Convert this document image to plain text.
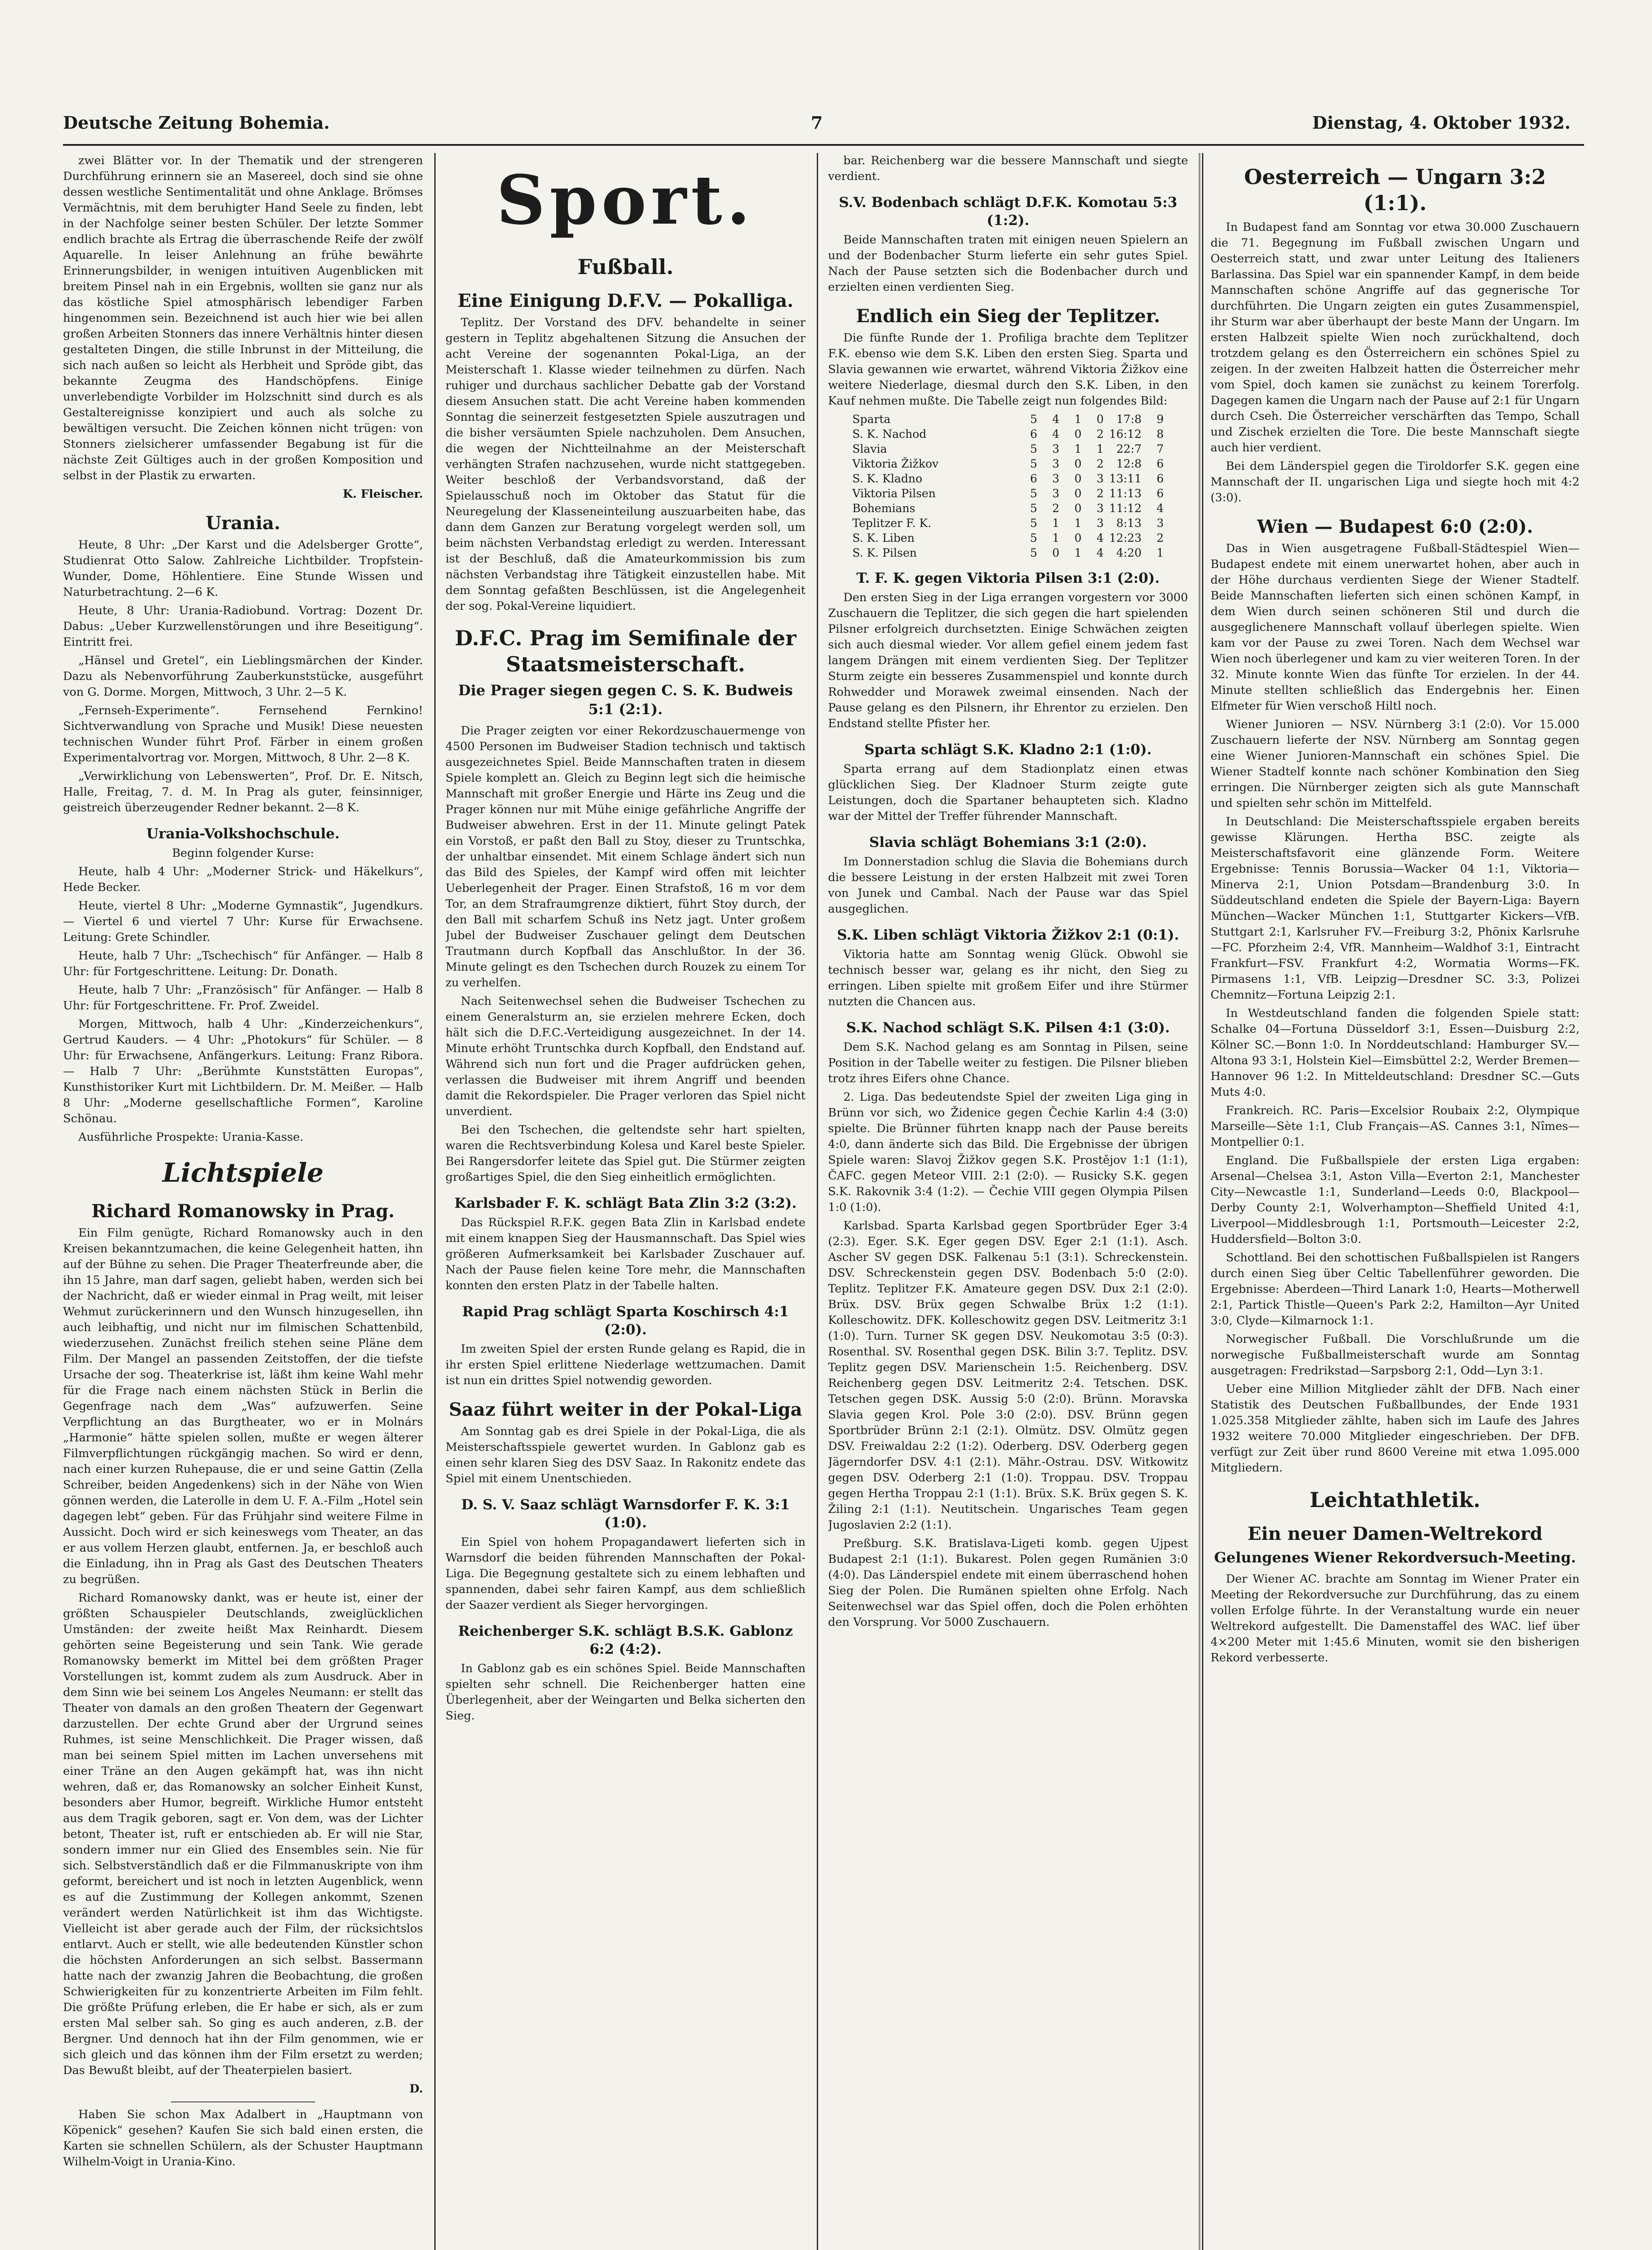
Deutsche Zeitung Bohemia.	7	Dienstag, 4. Oktober 1932.

zwei Blätter vor. In der Thematik und der strengeren Durchführung erinnern sie an Masereel, doch sind sie ohne dessen westliche Sentimentalität und ohne Anklage. Brömses Vermächtnis, mit dem beruhigter Hand Seele zu finden, lebt in der Nachfolge seiner besten Schüler. Der letzte Sommer endlich brachte als Ertrag die überraschende Reife der zwölf Aquarelle. In leiser Anlehnung an frühe bewährte Erinnerungsbilder, in wenigen intuitiven Augenblicken mit breitem Pinsel nah in ein Ergebnis, wollten sie ganz nur als das köstliche Spiel atmosphärisch lebendiger Farben hingenommen sein. Bezeichnend ist auch hier wie bei allen großen Arbeiten Stonners das innere Verhältnis hinter diesen gestalteten Dingen, die stille Inbrunst in der Mitteilung, die sich nach außen so leicht als Herbheit und Spröde gibt, das bekannte Zeugma des Handschöpfens. Einige unverlebendigte Vorbilder im Holzschnitt sind durch es als Gestaltereignisse konzipiert und auch als solche zu bewältigen versucht. Die Zeichen können nicht trügen: von Stonners zielsicherer umfassender Begabung ist für die nächste Zeit Gültiges auch in der großen Komposition und selbst in der Plastik zu erwarten.

K. Fleischer.
Urania.

Heute, 8 Uhr: „Der Karst und die Adelsberger Grotte“, Studienrat Otto Salow. Zahlreiche Lichtbilder. Tropfstein-Wunder, Dome, Höhlentiere. Eine Stunde Wissen und Naturbetrachtung. 2—6 K.

Heute, 8 Uhr: Urania-Radiobund. Vortrag: Dozent Dr. Dabus: „Ueber Kurzwellenstörungen und ihre Beseitigung“. Eintritt frei.

„Hänsel und Gretel“, ein Lieblingsmärchen der Kinder. Dazu als Nebenvorführung Zauberkunststücke, ausgeführt von G. Dorme. Morgen, Mittwoch, 3 Uhr. 2—5 K.

„Fernseh-Experimente“. Fernsehend Fernkino! Sichtverwandlung von Sprache und Musik! Diese neuesten technischen Wunder führt Prof. Färber in einem großen Experimentalvortrag vor. Morgen, Mittwoch, 8 Uhr. 2—8 K.

„Verwirklichung von Lebenswerten“, Prof. Dr. E. Nitsch, Halle, Freitag, 7. d. M. In Prag als guter, feinsinniger, geistreich überzeugender Redner bekannt. 2—8 K.

Urania-Volkshochschule.

Beginn folgender Kurse:

Heute, halb 4 Uhr: „Moderner Strick- und Häkelkurs“, Hede Becker.

Heute, viertel 8 Uhr: „Moderne Gymnastik“, Jugendkurs. — Viertel 6 und viertel 7 Uhr: Kurse für Erwachsene. Leitung: Grete Schindler.

Heute, halb 7 Uhr: „Tschechisch“ für Anfänger. — Halb 8 Uhr: für Fortgeschrittene. Leitung: Dr. Donath.

Heute, halb 7 Uhr: „Französisch“ für Anfänger. — Halb 8 Uhr: für Fortgeschrittene. Fr. Prof. Zweidel.

Morgen, Mittwoch, halb 4 Uhr: „Kinderzeichenkurs“, Gertrud Kauders. — 4 Uhr: „Photokurs“ für Schüler. — 8 Uhr: für Erwachsene, Anfängerkurs. Leitung: Franz Ribora. — Halb 7 Uhr: „Berühmte Kunststätten Europas“, Kunsthistoriker Kurt mit Lichtbildern. Dr. M. Meißer. — Halb 8 Uhr: „Moderne gesellschaftliche Formen“, Karoline Schönau.

Ausführliche Prospekte: Urania-Kasse.

Lichtspiele
Richard Romanowsky in Prag.

Ein Film genügte, Richard Romanowsky auch in den Kreisen bekanntzumachen, die keine Gelegenheit hatten, ihn auf der Bühne zu sehen. Die Prager Theaterfreunde aber, die ihn 15 Jahre, man darf sagen, geliebt haben, werden sich bei der Nachricht, daß er wieder einmal in Prag weilt, mit leiser Wehmut zurückerinnern und den Wunsch hinzugesellen, ihn auch leibhaftig, und nicht nur im filmischen Schattenbild, wiederzusehen. Zunächst freilich stehen seine Pläne dem Film. Der Mangel an passenden Zeitstoffen, der die tiefste Ursache der sog. Theaterkrise ist, läßt ihm keine Wahl mehr für die Frage nach einem nächsten Stück in Berlin die Gegenfrage nach dem „Was“ aufzuwerfen. Seine Verpflichtung an das Burgtheater, wo er in Molnárs „Harmonie“ hätte spielen sollen, mußte er wegen älterer Filmverpflichtungen rückgängig machen. So wird er denn, nach einer kurzen Ruhepause, die er und seine Gattin (Zella Schreiber, beiden Angedenkens) sich in der Nähe von Wien gönnen werden, die Laterolle in dem U. F. A.-Film „Hotel sein dagegen lebt“ geben. Für das Frühjahr sind weitere Filme in Aussicht. Doch wird er sich keineswegs vom Theater, an das er aus vollem Herzen glaubt, entfernen. Ja, er beschloß auch die Einladung, ihn in Prag als Gast des Deutschen Theaters zu begrüßen.

Richard Romanowsky dankt, was er heute ist, einer der größten Schauspieler Deutschlands, zweiglücklichen Umständen: der zweite heißt Max Reinhardt. Diesem gehörten seine Begeisterung und sein Tank. Wie gerade Romanowsky bemerkt im Mittel bei dem größten Prager Vorstellungen ist, kommt zudem als zum Ausdruck. Aber in dem Sinn wie bei seinem Los Angeles Neumann: er stellt das Theater von damals an den großen Theatern der Gegenwart darzustellen. Der echte Grund aber der Urgrund seines Ruhmes, ist seine Menschlichkeit. Die Prager wissen, daß man bei seinem Spiel mitten im Lachen unversehens mit einer Träne an den Augen gekämpft hat, was ihn nicht wehren, daß er, das Romanowsky an solcher Einheit Kunst, besonders aber Humor, begreift. Wirkliche Humor entsteht aus dem Tragik geboren, sagt er. Von dem, was der Lichter betont, Theater ist, ruft er entschieden ab. Er will nie Star, sondern immer nur ein Glied des Ensembles sein. Nie für sich. Selbstverständlich daß er die Filmmanuskripte von ihm geformt, bereichert und ist noch in letzten Augenblick, wenn es auf die Zustimmung der Kollegen ankommt, Szenen verändert werden Natürlichkeit ist ihm das Wichtigste. Vielleicht ist aber gerade auch der Film, der rücksichtslos entlarvt. Auch er stellt, wie alle bedeutenden Künstler schon die höchsten Anforderungen an sich selbst. Bassermann hatte nach der zwanzig Jahren die Beobachtung, die großen Schwierigkeiten für zu konzentrierte Arbeiten im Film fehlt. Die größte Prüfung erleben, die Er habe er sich, als er zum ersten Mal selber sah. So ging es auch anderen, z.B. der Bergner. Und dennoch hat ihn der Film genommen, wie er sich gleich und das können ihm der Film ersetzt zu werden; Das Bewußt bleibt, auf der Theaterpielen basiert.

D.

Haben Sie schon Max Adalbert in „Hauptmann von Köpenick“ gesehen? Kaufen Sie sich bald einen ersten, die Karten sie schnellen Schülern, als der Schuster Hauptmann Wilhelm-Voigt in Urania-Kino.

Sport.
Fußball.
Eine Einigung D.F.V. — Pokalliga.

Teplitz. Der Vorstand des DFV. behandelte in seiner gestern in Teplitz abgehaltenen Sitzung die Ansuchen der acht Vereine der sogenannten Pokal-Liga, an der Meisterschaft 1. Klasse wieder teilnehmen zu dürfen. Nach ruhiger und durchaus sachlicher Debatte gab der Vorstand diesem Ansuchen statt. Die acht Vereine haben kommenden Sonntag die seinerzeit festgesetzten Spiele auszutragen und die bisher versäumten Spiele nachzuholen. Dem Ansuchen, die wegen der Nichtteilnahme an der Meisterschaft verhängten Strafen nachzusehen, wurde nicht stattgegeben. Weiter beschloß der Verbandsvorstand, daß der Spielausschuß noch im Oktober das Statut für die Neuregelung der Klasseneinteilung auszuarbeiten habe, das dann dem Ganzen zur Beratung vorgelegt werden soll, um beim nächsten Verbandstag erledigt zu werden. Interessant ist der Beschluß, daß die Amateurkommission bis zum nächsten Verbandstag ihre Tätigkeit einzustellen habe. Mit dem Sonntag gefaßten Beschlüssen, ist die Angelegenheit der sog. Pokal-Vereine liquidiert.

D.F.C. Prag im Semifinale der Staatsmeisterschaft.
Die Prager siegen gegen C. S. K. Budweis 5:1 (2:1).

Die Prager zeigten vor einer Rekordzuschauermenge von 4500 Personen im Budweiser Stadion technisch und taktisch ausgezeichnetes Spiel. Beide Mannschaften traten in diesem Spiele komplett an. Gleich zu Beginn legt sich die heimische Mannschaft mit großer Energie und Härte ins Zeug und die Prager können nur mit Mühe einige gefährliche Angriffe der Budweiser abwehren. Erst in der 11. Minute gelingt Patek ein Vorstoß, er paßt den Ball zu Stoy, dieser zu Truntschka, der unhaltbar einsendet. Mit einem Schlage ändert sich nun das Bild des Spieles, der Kampf wird offen mit leichter Ueberlegenheit der Prager. Einen Strafstoß, 16 m vor dem Tor, an dem Strafraumgrenze diktiert, führt Stoy durch, der den Ball mit scharfem Schuß ins Netz jagt. Unter großem Jubel der Budweiser Zuschauer gelingt dem Deutschen Trautmann durch Kopfball das Anschlußtor. In der 36. Minute gelingt es den Tschechen durch Rouzek zu einem Tor zu verhelfen.

Nach Seitenwechsel sehen die Budweiser Tschechen zu einem Generalsturm an, sie erzielen mehrere Ecken, doch hält sich die D.F.C.-Verteidigung ausgezeichnet. In der 14. Minute erhöht Truntschka durch Kopfball, den Endstand auf. Während sich nun fort und die Prager aufdrücken gehen, verlassen die Budweiser mit ihrem Angriff und beenden damit die Rekordspieler. Die Prager verloren das Spiel nicht unverdient.

Bei den Tschechen, die geltendste sehr hart spielten, waren die Rechtsverbindung Kolesa und Karel beste Spieler. Bei Rangersdorfer leitete das Spiel gut. Die Stürmer zeigten großartiges Spiel, die den Sieg einheitlich ermöglichten.

Karlsbader F. K. schlägt Bata Zlin 3:2 (3:2).

Das Rückspiel R.F.K. gegen Bata Zlin in Karlsbad endete mit einem knappen Sieg der Hausmannschaft. Das Spiel wies größeren Aufmerksamkeit bei Karlsbader Zuschauer auf. Nach der Pause fielen keine Tore mehr, die Mannschaften konnten den ersten Platz in der Tabelle halten.

Rapid Prag schlägt Sparta Koschirsch 4:1 (2:0).

Im zweiten Spiel der ersten Runde gelang es Rapid, die in ihr ersten Spiel erlittene Niederlage wettzumachen. Damit ist nun ein drittes Spiel notwendig geworden.

Saaz führt weiter in der Pokal-Liga

Am Sonntag gab es drei Spiele in der Pokal-Liga, die als Meisterschaftsspiele gewertet wurden. In Gablonz gab es einen sehr klaren Sieg des DSV Saaz. In Rakonitz endete das Spiel mit einem Unentschieden.

D. S. V. Saaz schlägt Warnsdorfer F. K. 3:1 (1:0).

Ein Spiel von hohem Propagandawert lieferten sich in Warnsdorf die beiden führenden Mannschaften der Pokal-Liga. Die Begegnung gestaltete sich zu einem lebhaften und spannenden, dabei sehr fairen Kampf, aus dem schließlich der Saazer verdient als Sieger hervorgingen.

Reichenberger S.K. schlägt B.S.K. Gablonz 6:2 (4:2).

In Gablonz gab es ein schönes Spiel. Beide Mannschaften spielten sehr schnell. Die Reichenberger hatten eine Überlegenheit, aber der Weingarten und Belka sicherten den Sieg.

bar. Reichenberg war die bessere Mannschaft und siegte verdient.

S.V. Bodenbach schlägt D.F.K. Komotau 5:3 (1:2).

Beide Mannschaften traten mit einigen neuen Spielern an und der Bodenbacher Sturm lieferte ein sehr gutes Spiel. Nach der Pause setzten sich die Bodenbacher durch und erzielten einen verdienten Sieg.

Endlich ein Sieg der Teplitzer.

Die fünfte Runde der 1. Profiliga brachte dem Teplitzer F.K. ebenso wie dem S.K. Liben den ersten Sieg. Sparta und Slavia gewannen wie erwartet, während Viktoria Žižkov eine weitere Niederlage, diesmal durch den S.K. Liben, in den Kauf nehmen mußte. Die Tabelle zeigt nun folgendes Bild:

Sparta	5	4	1	0	17:8	9
S. K. Nachod	6	4	0	2	16:12	8
Slavia	5	3	1	1	22:7	7
Viktoria Žižkov	5	3	0	2	12:8	6
S. K. Kladno	6	3	0	3	13:11	6
Viktoria Pilsen	5	3	0	2	11:13	6
Bohemians	5	2	0	3	11:12	4
Teplitzer F. K.	5	1	1	3	8:13	3
S. K. Liben	5	1	0	4	12:23	2
S. K. Pilsen	5	0	1	4	4:20	1
T. F. K. gegen Viktoria Pilsen 3:1 (2:0).

Den ersten Sieg in der Liga errangen vorgestern vor 3000 Zuschauern die Teplitzer, die sich gegen die hart spielenden Pilsner erfolgreich durchsetzten. Einige Schwächen zeigten sich auch diesmal wieder. Vor allem gefiel einem jedem fast langem Drängen mit einem verdienten Sieg. Der Teplitzer Sturm zeigte ein besseres Zusammenspiel und konnte durch Rohwedder und Morawek zweimal einsenden. Nach der Pause gelang es den Pilsnern, ihr Ehrentor zu erzielen. Den Endstand stellte Pfister her.

Sparta schlägt S.K. Kladno 2:1 (1:0).

Sparta errang auf dem Stadionplatz einen etwas glücklichen Sieg. Der Kladnoer Sturm zeigte gute Leistungen, doch die Spartaner behaupteten sich. Kladno war der Mittel der Treffer führender Mannschaft.

Slavia schlägt Bohemians 3:1 (2:0).

Im Donnerstadion schlug die Slavia die Bohemians durch die bessere Leistung in der ersten Halbzeit mit zwei Toren von Junek und Cambal. Nach der Pause war das Spiel ausgeglichen.

S.K. Liben schlägt Viktoria Žižkov 2:1 (0:1).

Viktoria hatte am Sonntag wenig Glück. Obwohl sie technisch besser war, gelang es ihr nicht, den Sieg zu erringen. Liben spielte mit großem Eifer und ihre Stürmer nutzten die Chancen aus.

S.K. Nachod schlägt S.K. Pilsen 4:1 (3:0).

Dem S.K. Nachod gelang es am Sonntag in Pilsen, seine Position in der Tabelle weiter zu festigen. Die Pilsner blieben trotz ihres Eifers ohne Chance.

2. Liga. Das bedeutendste Spiel der zweiten Liga ging in Brünn vor sich, wo Židenice gegen Čechie Karlin 4:4 (3:0) spielte. Die Brünner führten knapp nach der Pause bereits 4:0, dann änderte sich das Bild. Die Ergebnisse der übrigen Spiele waren: Slavoj Žižkov gegen S.K. Prostějov 1:1 (1:1), ČAFC. gegen Meteor VIII. 2:1 (2:0). — Rusicky S.K. gegen S.K. Rakovnik 3:4 (1:2). — Čechie VIII gegen Olympia Pilsen 1:0 (1:0).

Karlsbad. Sparta Karlsbad gegen Sportbrüder Eger 3:4 (2:3). Eger. S.K. Eger gegen DSV. Eger 2:1 (1:1). Asch. Ascher SV gegen DSK. Falkenau 5:1 (3:1). Schreckenstein. DSV. Schreckenstein gegen DSV. Bodenbach 5:0 (2:0). Teplitz. Teplitzer F.K. Amateure gegen DSV. Dux 2:1 (2:0). Brüx. DSV. Brüx gegen Schwalbe Brüx 1:2 (1:1). Kolleschowitz. DFK. Kolleschowitz gegen DSV. Leitmeritz 3:1 (1:0). Turn. Turner SK gegen DSV. Neukomotau 3:5 (0:3). Rosenthal. SV. Rosenthal gegen DSK. Bilin 3:7. Teplitz. DSV. Teplitz gegen DSV. Marienschein 1:5. Reichenberg. DSV. Reichenberg gegen DSV. Leitmeritz 2:4. Tetschen. DSK. Tetschen gegen DSK. Aussig 5:0 (2:0). Brünn. Moravska Slavia gegen Krol. Pole 3:0 (2:0). DSV. Brünn gegen Sportbrüder Brünn 2:1 (2:1). Olmütz. DSV. Olmütz gegen DSV. Freiwaldau 2:2 (1:2). Oderberg. DSV. Oderberg gegen Jägerndorfer DSV. 4:1 (2:1). Mähr.-Ostrau. DSV. Witkowitz gegen DSV. Oderberg 2:1 (1:0). Troppau. DSV. Troppau gegen Hertha Troppau 2:1 (1:1). Brüx. S.K. Brüx gegen S. K. Žiling 2:1 (1:1). Neutitschein. Ungarisches Team gegen Jugoslavien 2:2 (1:1).

Preßburg. S.K. Bratislava-Ligeti komb. gegen Ujpest Budapest 2:1 (1:1). Bukarest. Polen gegen Rumänien 3:0 (4:0). Das Länderspiel endete mit einem überraschend hohen Sieg der Polen. Die Rumänen spielten ohne Erfolg. Nach Seitenwechsel war das Spiel offen, doch die Polen erhöhten den Vorsprung. Vor 5000 Zuschauern.

Oesterreich — Ungarn 3:2 (1:1).

In Budapest fand am Sonntag vor etwa 30.000 Zuschauern die 71. Begegnung im Fußball zwischen Ungarn und Oesterreich statt, und zwar unter Leitung des Italieners Barlassina. Das Spiel war ein spannender Kampf, in dem beide Mannschaften schöne Angriffe auf das gegnerische Tor durchführten. Die Ungarn zeigten ein gutes Zusammenspiel, ihr Sturm war aber überhaupt der beste Mann der Ungarn. Im ersten Halbzeit spielte Wien noch zurückhaltend, doch trotzdem gelang es den Österreichern ein schönes Spiel zu zeigen. In der zweiten Halbzeit hatten die Österreicher mehr vom Spiel, doch kamen sie zunächst zu keinem Torerfolg. Dagegen kamen die Ungarn nach der Pause auf 2:1 für Ungarn durch Cseh. Die Österreicher verschärften das Tempo, Schall und Zischek erzielten die Tore. Die beste Mannschaft siegte auch hier verdient.

Bei dem Länderspiel gegen die Tiroldorfer S.K. gegen eine Mannschaft der II. ungarischen Liga und siegte hoch mit 4:2 (3:0).

Wien — Budapest 6:0 (2:0).

Das in Wien ausgetragene Fußball-Städtespiel Wien—Budapest endete mit einem unerwartet hohen, aber auch in der Höhe durchaus verdienten Siege der Wiener Stadtelf. Beide Mannschaften lieferten sich einen schönen Kampf, in dem Wien durch seinen schöneren Stil und durch die ausgeglichenere Mannschaft vollauf überlegen spielte. Wien kam vor der Pause zu zwei Toren. Nach dem Wechsel war Wien noch überlegener und kam zu vier weiteren Toren. In der 32. Minute konnte Wien das fünfte Tor erzielen. In der 44. Minute stellten schließlich das Endergebnis her. Einen Elfmeter für Wien verschoß Hiltl noch.

Wiener Junioren — NSV. Nürnberg 3:1 (2:0). Vor 15.000 Zuschauern lieferte der NSV. Nürnberg am Sonntag gegen eine Wiener Junioren-Mannschaft ein schönes Spiel. Die Wiener Stadtelf konnte nach schöner Kombination den Sieg erringen. Die Nürnberger zeigten sich als gute Mannschaft und spielten sehr schön im Mittelfeld.

In Deutschland: Die Meisterschaftsspiele ergaben bereits gewisse Klärungen. Hertha BSC. zeigte als Meisterschaftsfavorit eine glänzende Form. Weitere Ergebnisse: Tennis Borussia—Wacker 04 1:1, Viktoria—Minerva 2:1, Union Potsdam—Brandenburg 3:0. In Süddeutschland endeten die Spiele der Bayern-Liga: Bayern München—Wacker München 1:1, Stuttgarter Kickers—VfB. Stuttgart 2:1, Karlsruher FV.—Freiburg 3:2, Phönix Karlsruhe—FC. Pforzheim 2:4, VfR. Mannheim—Waldhof 3:1, Eintracht Frankfurt—FSV. Frankfurt 4:2, Wormatia Worms—FK. Pirmasens 1:1, VfB. Leipzig—Dresdner SC. 3:3, Polizei Chemnitz—Fortuna Leipzig 2:1.

In Westdeutschland fanden die folgenden Spiele statt: Schalke 04—Fortuna Düsseldorf 3:1, Essen—Duisburg 2:2, Kölner SC.—Bonn 1:0. In Norddeutschland: Hamburger SV.—Altona 93 3:1, Holstein Kiel—Eimsbüttel 2:2, Werder Bremen—Hannover 96 1:2. In Mitteldeutschland: Dresdner SC.—Guts Muts 4:0.

Frankreich. RC. Paris—Excelsior Roubaix 2:2, Olympique Marseille—Sète 1:1, Club Français—AS. Cannes 3:1, Nîmes—Montpellier 0:1.

England. Die Fußballspiele der ersten Liga ergaben: Arsenal—Chelsea 3:1, Aston Villa—Everton 2:1, Manchester City—Newcastle 1:1, Sunderland—Leeds 0:0, Blackpool—Derby County 2:1, Wolverhampton—Sheffield United 4:1, Liverpool—Middlesbrough 1:1, Portsmouth—Leicester 2:2, Huddersfield—Bolton 3:0.

Schottland. Bei den schottischen Fußballspielen ist Rangers durch einen Sieg über Celtic Tabellenführer geworden. Die Ergebnisse: Aberdeen—Third Lanark 1:0, Hearts—Motherwell 2:1, Partick Thistle—Queen's Park 2:2, Hamilton—Ayr United 3:0, Clyde—Kilmarnock 1:1.

Norwegischer Fußball. Die Vorschlußrunde um die norwegische Fußballmeisterschaft wurde am Sonntag ausgetragen: Fredrikstad—Sarpsborg 2:1, Odd—Lyn 3:1.

Ueber eine Million Mitglieder zählt der DFB. Nach einer Statistik des Deutschen Fußballbundes, der Ende 1931 1.025.358 Mitglieder zählte, haben sich im Laufe des Jahres 1932 weitere 70.000 Mitglieder eingeschrieben. Der DFB. verfügt zur Zeit über rund 8600 Vereine mit etwa 1.095.000 Mitgliedern.

Leichtathletik.
Ein neuer Damen-Weltrekord
Gelungenes Wiener Rekordversuch-Meeting.

Der Wiener AC. brachte am Sonntag im Wiener Prater ein Meeting der Rekordversuche zur Durchführung, das zu einem vollen Erfolge führte. In der Veranstaltung wurde ein neuer Weltrekord aufgestellt. Die Damenstaffel des WAC. lief über 4×200 Meter mit 1:45.6 Minuten, womit sie den bisherigen Rekord verbesserte.
